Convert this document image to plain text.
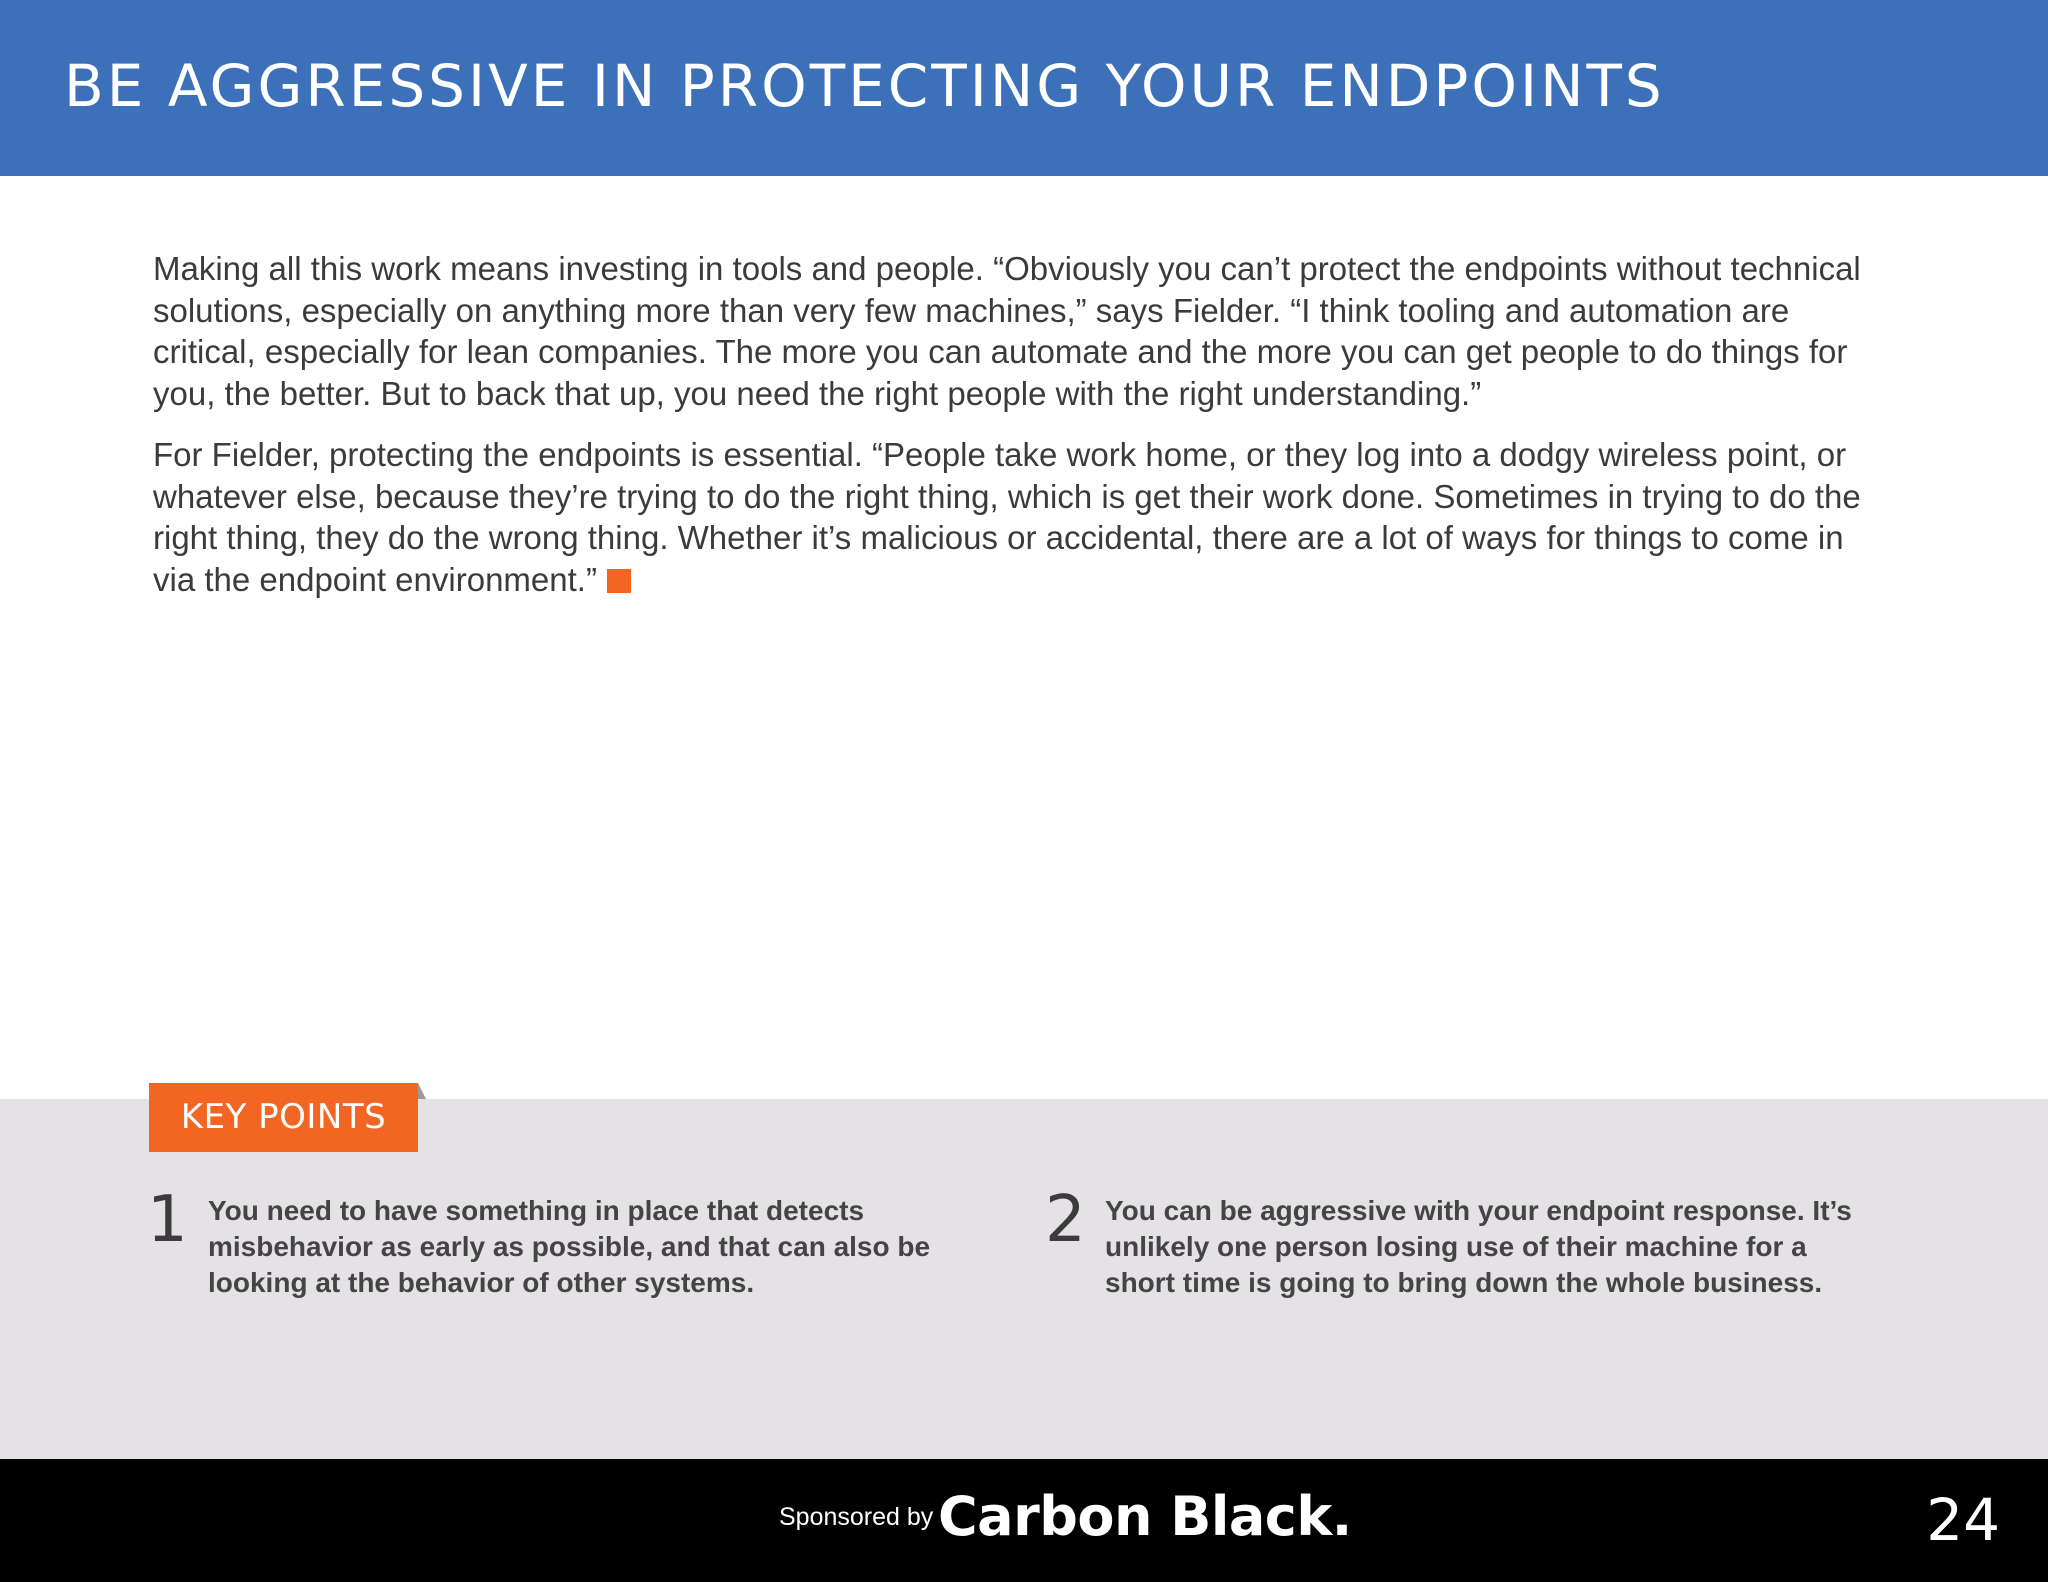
BE AGGRESSIVE IN PROTECTING YOUR ENDPOINTS

Making all this work means investing in tools and people. “Obviously you can’t protect the endpoints without technical solutions, especially on anything more than very few machines,” says Fielder. “I think tooling and automation are critical, especially for lean companies. The more you can automate and the more you can get people to do things for you, the better. But to back that up, you need the right people with the right understanding.”

For Fielder, protecting the endpoints is essential. “People take work home, or they log into a dodgy wireless point, or whatever else, because they’re trying to do the right thing, which is get their work done. Sometimes in trying to do the right thing, they do the wrong thing. Whether it’s malicious or accidental, there are a lot of ways for things to come in via the endpoint environment.”

KEY POINTS
1 You need to have something in place that detects misbehavior as early as possible, and that can also be looking at the behavior of other systems.
2 You can be aggressive with your endpoint response. It’s unlikely one person losing use of their machine for a short time is going to bring down the whole business.
Sponsored by Carbon Black.	24
